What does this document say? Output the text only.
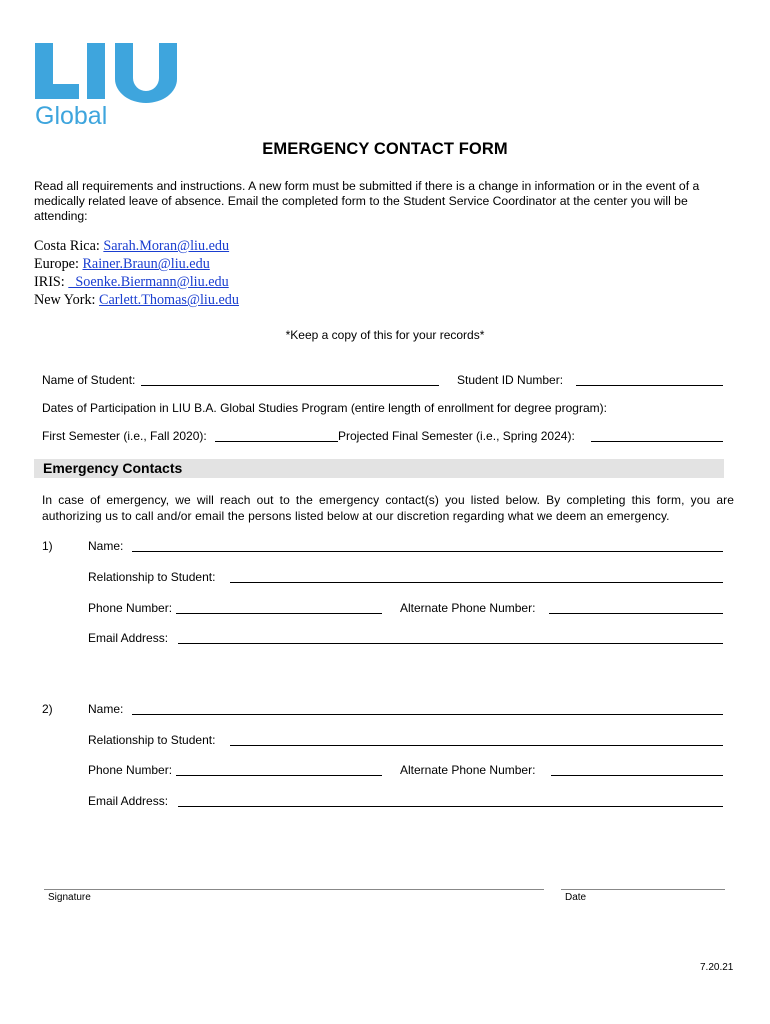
Global
EMERGENCY CONTACT FORM
Read all requirements and instructions. A new form must be submitted if there is a change in information or in the event of a medically related leave of absence. Email the completed form to the Student Service Coordinator at the center you will be attending:
Costa Rica: Sarah.Moran@liu.edu
Europe: Rainer.Braun@liu.edu
IRIS:   Soenke.Biermann@liu.edu
New York: Carlett.Thomas@liu.edu
*Keep a copy of this for your records*
Name of Student:	Student ID Number:
Dates of Participation in LIU B.A. Global Studies Program (entire length of enrollment for degree program):
First Semester (i.e., Fall 2020):	Projected Final Semester (i.e., Spring 2024):
Emergency Contacts
In case of emergency, we will reach out to the emergency contact(s) you listed below. By completing this form, you are authorizing us to call and/or email the persons listed below at our discretion regarding what we deem an emergency.
1)	Name:
Relationship to Student:
Phone Number:	Alternate Phone Number:
Email Address:
2)	Name:
Relationship to Student:
Phone Number:	Alternate Phone Number:
Email Address:
Signature	Date
7.20.21
